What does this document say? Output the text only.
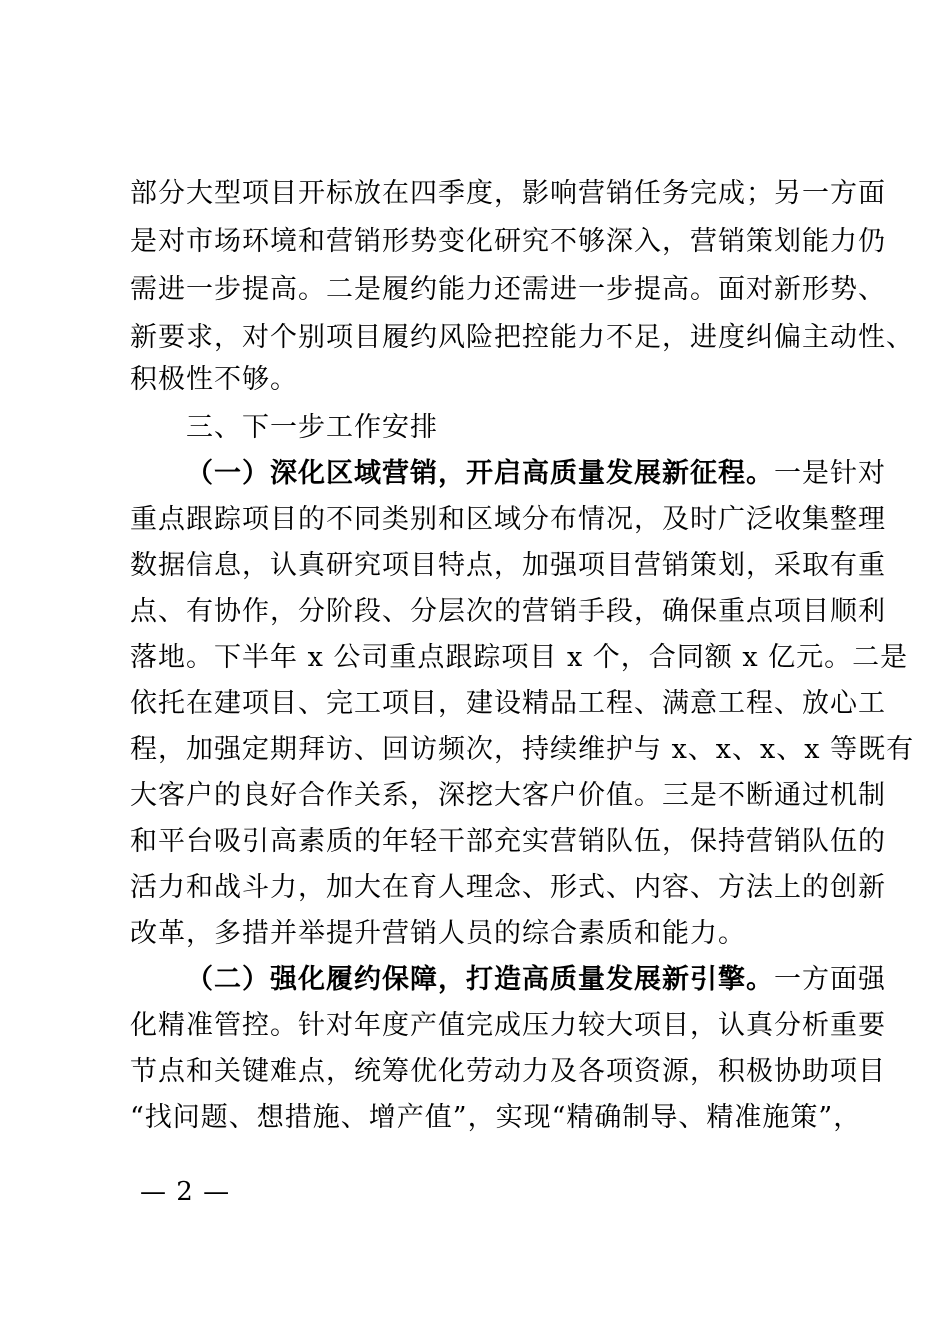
部分大型项目开标放在四季度，影响营销任务完成；另一方面
是对市场环境和营销形势变化研究不够深入，营销策划能力仍
需进一步提高。二是履约能力还需进一步提高。面对新形势、
新要求，对个别项目履约风险把控能力不足，进度纠偏主动性、
积极性不够。
三、下一步工作安排
（一）深化区域营销，开启高质量发展新征程。一是针对
重点跟踪项目的不同类别和区域分布情况，及时广泛收集整理
数据信息，认真研究项目特点，加强项目营销策划，采取有重
点、有协作，分阶段、分层次的营销手段，确保重点项目顺利
落地。下半年 x 公司重点跟踪项目 x 个，合同额 x 亿元。二是
依托在建项目、完工项目，建设精品工程、满意工程、放心工
程，加强定期拜访、回访频次，持续维护与 x、x、x、x 等既有
大客户的良好合作关系，深挖大客户价值。三是不断通过机制
和平台吸引高素质的年轻干部充实营销队伍，保持营销队伍的
活力和战斗力，加大在育人理念、形式、内容、方法上的创新
改革，多措并举提升营销人员的综合素质和能力。
（二）强化履约保障，打造高质量发展新引擎。一方面强
化精准管控。针对年度产值完成压力较大项目，认真分析重要
节点和关键难点，统筹优化劳动力及各项资源，积极协助项目
“找问题、想措施、增产值”，实现“精确制导、精准施策”，
— 2 —
